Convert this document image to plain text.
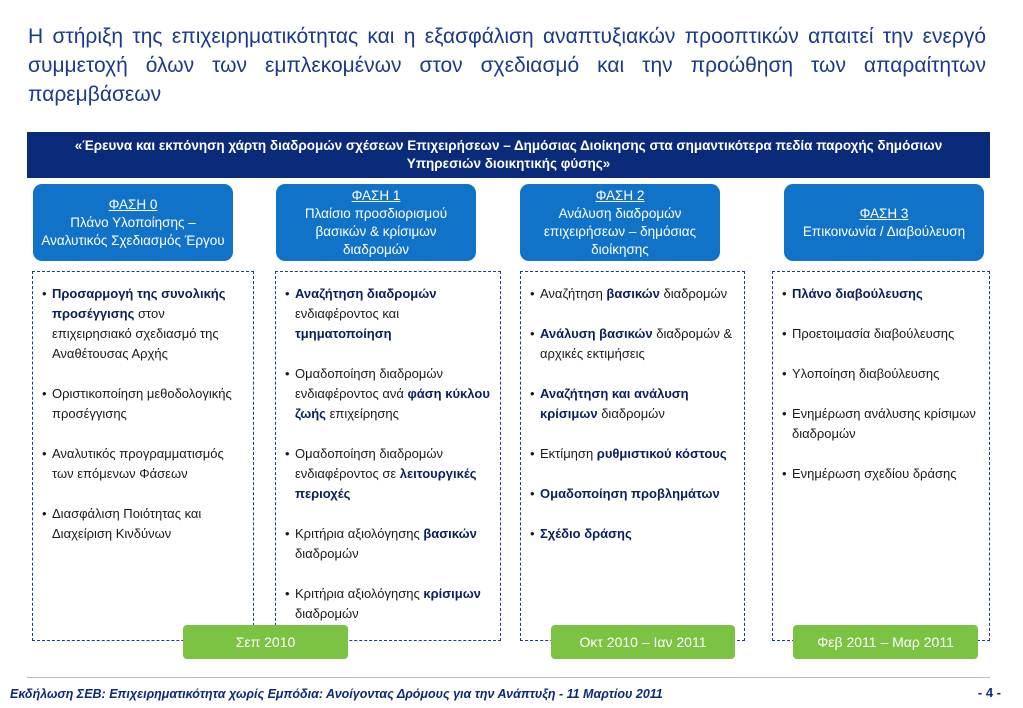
Η στήριξη της επιχειρηματικότητας και η εξασφάλιση αναπτυξιακών προοπτικών απαιτεί την ενεργό συμμετοχή όλων των εμπλεκομένων στον σχεδιασμό και την προώθηση των απαραίτητων παρεμβάσεων
«Έρευνα και εκπόνηση χάρτη διαδρομών σχέσεων Επιχειρήσεων – Δημόσιας Διοίκησης στα σημαντικότερα πεδία παροχής δημόσιων Υπηρεσιών διοικητικής φύσης»
ΦΑΣΗ 0
Πλάνο Υλοποίησης – Αναλυτικός Σχεδιασμός Έργου
ΦΑΣΗ 1
Πλαίσιο προσδιορισμού βασικών & κρίσιμων διαδρομών
ΦΑΣΗ 2
Ανάλυση διαδρομών επιχειρήσεων – δημόσιας διοίκησης
ΦΑΣΗ 3
Επικοινωνία / Διαβούλευση
• Προσαρμογή της συνολικής προσέγγισης στον επιχειρησιακό σχεδιασμό της Αναθέτουσας Αρχής
• Οριστικοποίηση μεθοδολογικής προσέγγισης
• Αναλυτικός προγραμματισμός των επόμενων Φάσεων
• Διασφάλιση Ποιότητας και Διαχείριση Κινδύνων
• Αναζήτηση διαδρομών ενδιαφέροντος και τμηματοποίηση
• Ομαδοποίηση διαδρομών ενδιαφέροντος ανά φάση κύκλου ζωής επιχείρησης
• Ομαδοποίηση διαδρομών ενδιαφέροντος σε λειτουργικές περιοχές
• Κριτήρια αξιολόγησης βασικών διαδρομών
• Κριτήρια αξιολόγησης κρίσιμων διαδρομών
• Αναζήτηση βασικών διαδρομών
• Ανάλυση βασικών διαδρομών & αρχικές εκτιμήσεις
• Αναζήτηση και ανάλυση κρίσιμων διαδρομών
• Εκτίμηση ρυθμιστικού κόστους
• Ομαδοποίηση προβλημάτων
• Σχέδιο δράσης
• Πλάνο διαβούλευσης
• Προετοιμασία διαβούλευσης
• Υλοποίηση διαβούλευσης
• Ενημέρωση ανάλυσης κρίσιμων διαδρομών
• Ενημέρωση σχεδίου δράσης
Σεπ 2010	Οκτ 2010 – Ιαν 2011	Φεβ 2011 – Μαρ 2011
Εκδήλωση ΣΕΒ: Επιχειρηματικότητα χωρίς Εμπόδια: Ανοίγοντας Δρόμους για την Ανάπτυξη - 11 Μαρτίου 2011	- 4 -
